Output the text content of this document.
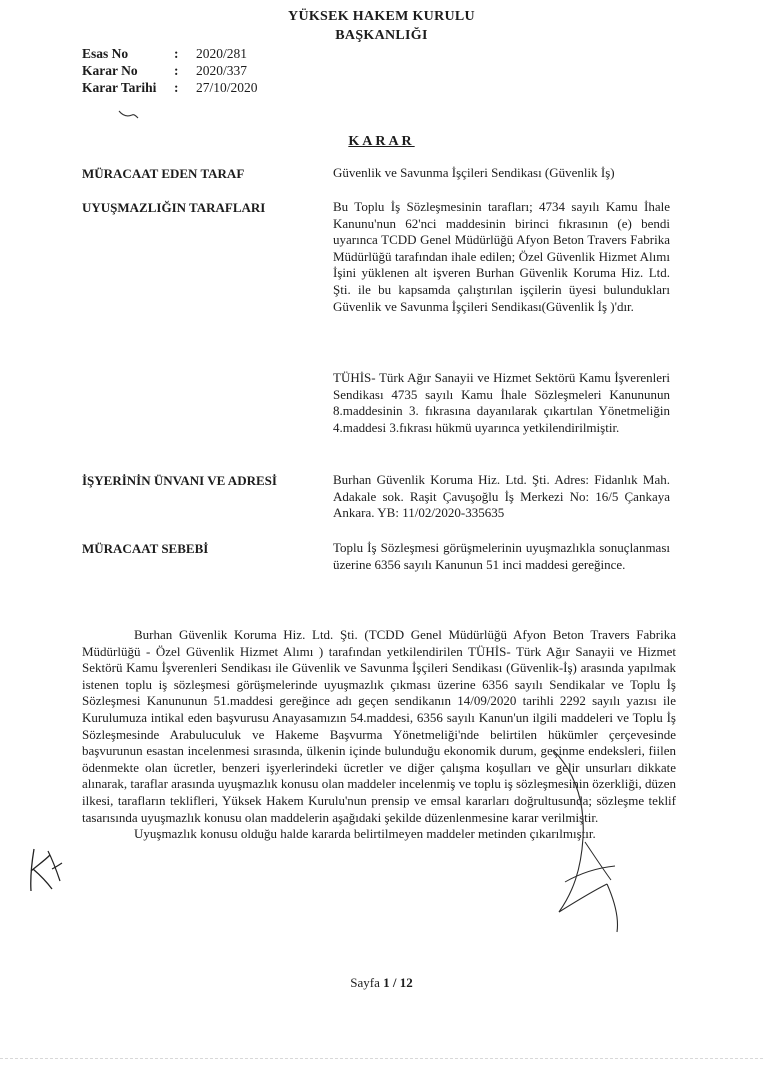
YÜKSEK HAKEM KURULU
BAŞKANLIĞI
Esas No	:	2020/281
Karar No	:	2020/337
Karar Tarihi	:	27/10/2020
KARAR
MÜRACAAT EDEN TARAF	Güvenlik ve Savunma İşçileri Sendikası (Güvenlik İş)
UYUŞMAZLIĞIN TARAFLARI	Bu Toplu İş Sözleşmesinin tarafları; 4734 sayılı Kamu İhale Kanunu'nun 62'nci maddesinin birinci fıkrasının (e) bendi uyarınca TCDD Genel Müdürlüğü Afyon Beton Travers Fabrika Müdürlüğü tarafından ihale edilen; Özel Güvenlik Hizmet Alımı İşini yüklenen alt işveren Burhan Güvenlik Koruma Hiz. Ltd. Şti. ile bu kapsamda çalıştırılan işçilerin üyesi bulundukları Güvenlik ve Savunma İşçileri Sendikası(Güvenlik İş )'dır.
TÜHİS- Türk Ağır Sanayii ve Hizmet Sektörü Kamu İşverenleri Sendikası 4735 sayılı Kamu İhale Sözleşmeleri Kanununun 8.maddesinin 3. fıkrasına dayanılarak çıkartılan Yönetmeliğin 4.maddesi 3.fıkrası hükmü uyarınca yetkilendirilmiştir.
İŞYERİNİN ÜNVANI VE ADRESİ	Burhan Güvenlik Koruma Hiz. Ltd. Şti. Adres: Fidanlık Mah. Adakale sok. Raşit Çavuşoğlu İş Merkezi No: 16/5 Çankaya Ankara. YB: 11/02/2020-335635
MÜRACAAT SEBEBİ	Toplu İş Sözleşmesi görüşmelerinin uyuşmazlıkla sonuçlanması üzerine 6356 sayılı Kanunun 51 inci maddesi gereğince.

Burhan Güvenlik Koruma Hiz. Ltd. Şti. (TCDD Genel Müdürlüğü Afyon Beton Travers Fabrika Müdürlüğü - Özel Güvenlik Hizmet Alımı ) tarafından yetkilendirilen TÜHİS- Türk Ağır Sanayii ve Hizmet Sektörü Kamu İşverenleri Sendikası ile Güvenlik ve Savunma İşçileri Sendikası (Güvenlik-İş) arasında yapılmak istenen toplu iş sözleşmesi görüşmelerinde uyuşmazlık çıkması üzerine 6356 sayılı Sendikalar ve Toplu İş Sözleşmesi Kanununun 51.maddesi gereğince adı geçen sendikanın 14/09/2020 tarihli 2292 sayılı yazısı ile Kurulumuza intikal eden başvurusu Anayasamızın 54.maddesi, 6356 sayılı Kanun'un ilgili maddeleri ve Toplu İş Sözleşmesinde Arabuluculuk ve Hakeme Başvurma Yönetmeliği'nde belirtilen hükümler çerçevesinde başvurunun esastan incelenmesi sırasında, ülkenin içinde bulunduğu ekonomik durum, geçinme endeksleri, fiilen ödenmekte olan ücretler, benzeri işyerlerindeki ücretler ve diğer çalışma koşulları ve gelir unsurları dikkate alınarak, taraflar arasında uyuşmazlık konusu olan maddeler incelenmiş ve toplu iş sözleşmesinin özerkliği, düzen ilkesi, tarafların teklifleri, Yüksek Hakem Kurulu'nun prensip ve emsal kararları doğrultusunda; sözleşme teklif tasarısında uyuşmazlık konusu olan maddelerin aşağıdaki şekilde düzenlenmesine karar verilmiştir.

Uyuşmazlık konusu olduğu halde kararda belirtilmeyen maddeler metinden çıkarılmıştır.

Sayfa 1 / 12
